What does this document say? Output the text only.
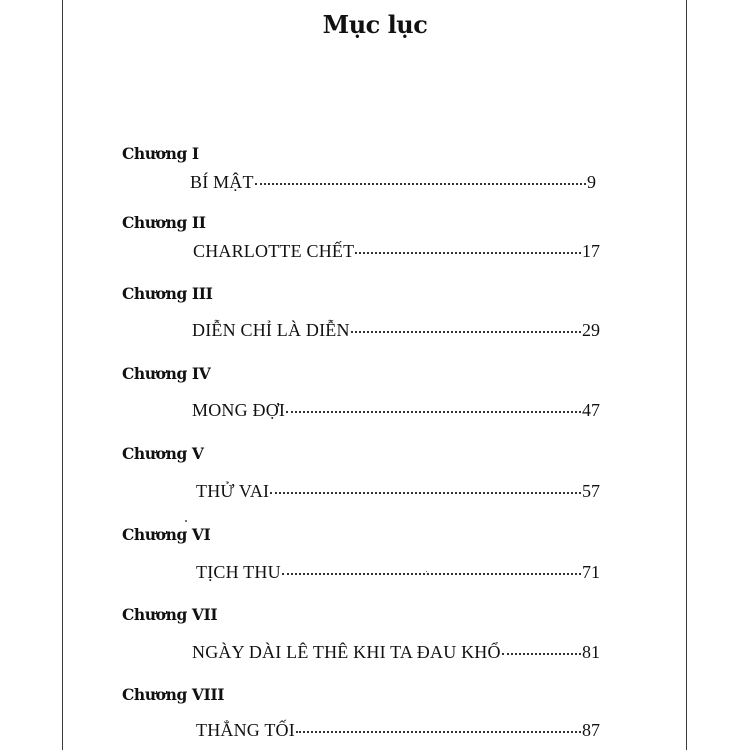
Mục lục
Chương I
BÍ MẬT	9
Chương II
CHARLOTTE CHẾT	17
Chương III
DIỄN CHỈ LÀ DIỄN	29
Chương IV
MONG ĐỢI	47
Chương V
THỬ VAI	57
Chương VI
TỊCH THU	71
Chương VII
NGÀY DÀI LÊ THÊ KHI TA ĐAU KHỔ	81
Chương VIII
THẲNG TỐI	87
